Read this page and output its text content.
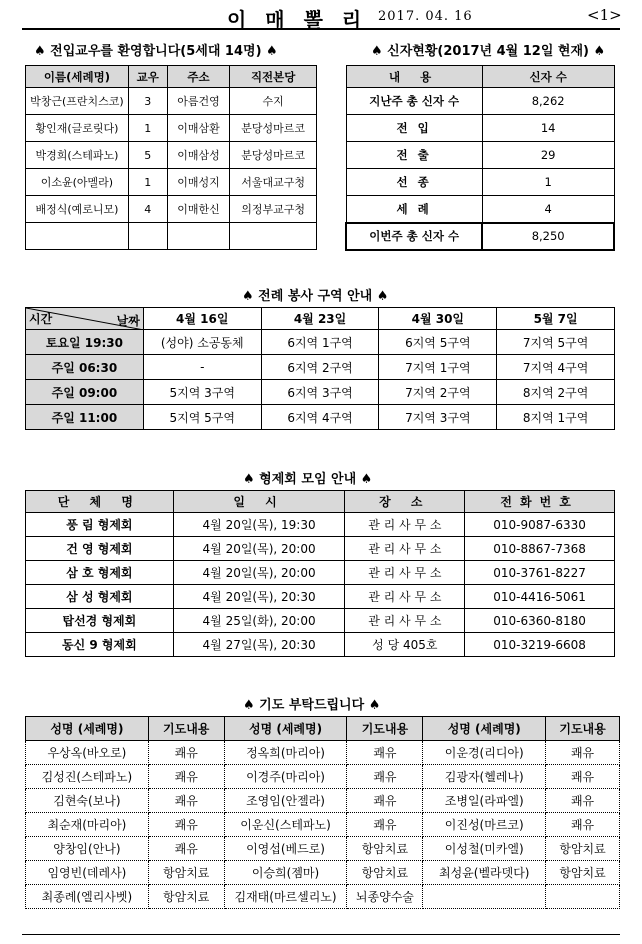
이 매 뽈 리 2017. 04. 16	<1>
♠ 전입교우를 환영합니다(5세대 14명) ♠
이름(세례명)	교우	주소	직전본당
박창근(프란치스코)	3	아름건영	수지
황인재(글로릿다)	1	이매삼환	분당성마르코
박경희(스테파노)	5	이매삼성	분당성마르코
이소윤(아멜라)	1	이매성지	서울대교구청
배정식(예로니모)	4	이매한신	의정부교구청

♠ 신자현황(2017년 4월 12일 현재) ♠
내 용	신자 수
지난주 총 신자 수	8,262
전 입	14
전 출	29
선 종	1
세 례	4
이번주 총 신자 수	8,250
♠ 전례 봉사 구역 안내 ♠
시간 날짜	4월 16일	4월 23일	4월 30일	5월 7일
토요일 19:30	(성야) 소공동체	6지역 1구역	6지역 5구역	7지역 5구역
주일 06:30	-	6지역 2구역	7지역 1구역	7지역 4구역
주일 09:00	5지역 3구역	6지역 3구역	7지역 2구역	8지역 2구역
주일 11:00	5지역 5구역	6지역 4구역	7지역 3구역	8지역 1구역
♠ 형제회 모임 안내 ♠
단 체 명	일 시	장 소	전화번호
풍 림 형제회	4월 20일(목), 19:30	관 리 사 무 소	010-9087-6330
건 영 형제회	4월 20일(목), 20:00	관 리 사 무 소	010-8867-7368
삼 호 형제회	4월 20일(목), 20:00	관 리 사 무 소	010-3761-8227
삼 성 형제회	4월 20일(목), 20:30	관 리 사 무 소	010-4416-5061
탑선경 형제회	4월 25일(화), 20:00	관 리 사 무 소	010-6360-8180
동신 9 형제회	4월 27일(목), 20:30	성 당 405호	010-3219-6608
♠ 기도 부탁드립니다 ♠
성명 (세례명)	기도내용	성명 (세례명)	기도내용	성명 (세례명)	기도내용
우상옥(바오로)	쾌유	정옥희(마리아)	쾌유	이운경(리디아)	쾌유
김성진(스테파노)	쾌유	이경주(마리아)	쾌유	김광자(헬레나)	쾌유
김현숙(보나)	쾌유	조영임(안젤라)	쾌유	조병일(라파엘)	쾌유
최순재(마리아)	쾌유	이운신(스테파노)	쾌유	이진성(마르코)	쾌유
양창임(안나)	쾌유	이영섭(베드로)	항암치료	이성철(미카엘)	항암치료
임영빈(데레사)	항암치료	이승희(젬마)	항암치료	최성윤(벨라뎃다)	항암치료
최종례(엘리사벳)	항암치료	김재태(마르셀리노)	뇌종양수술		
